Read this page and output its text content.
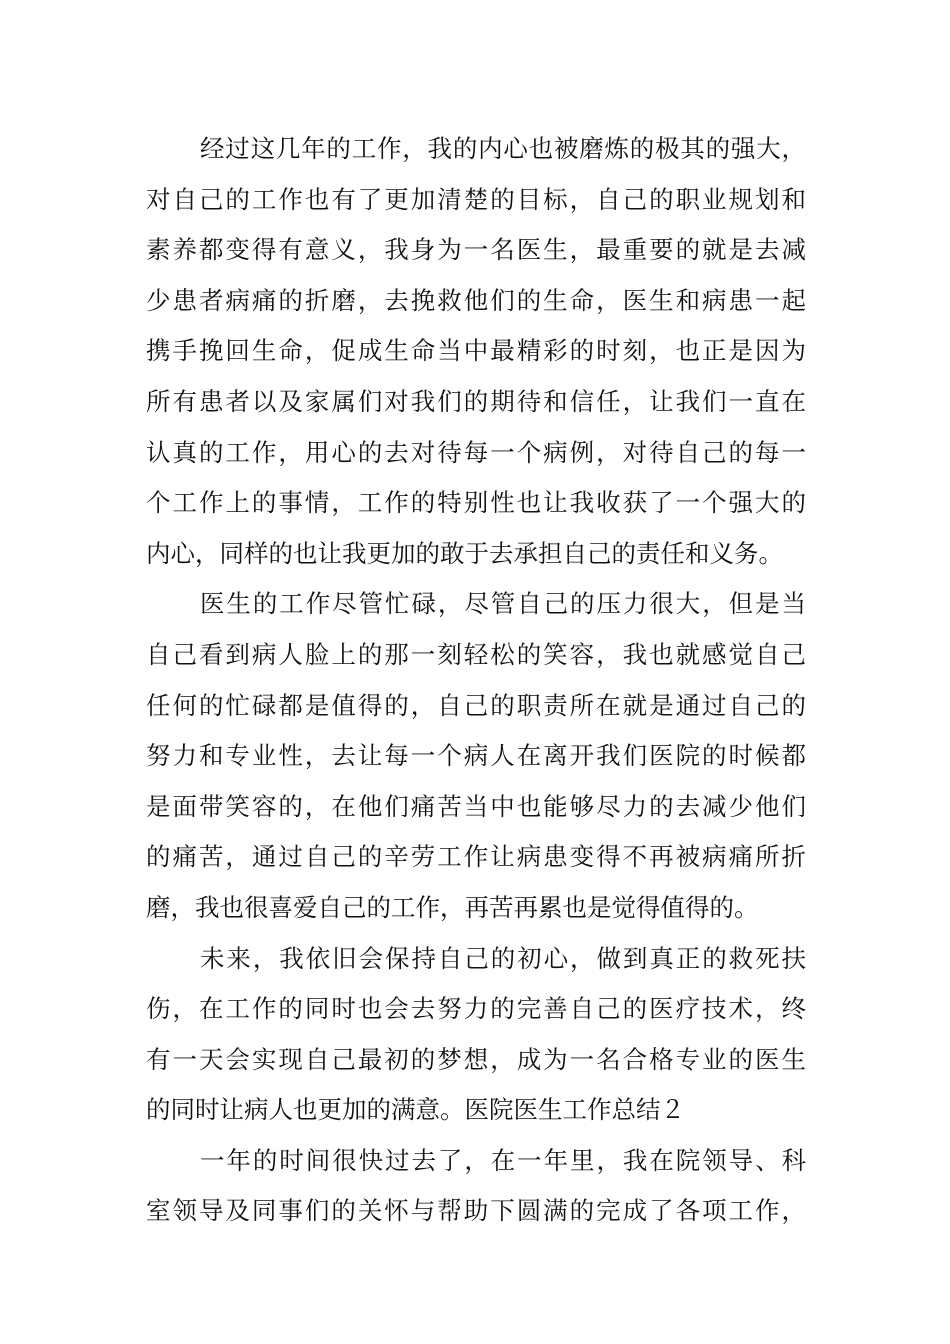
经过这几年的工作，我的内心也被磨炼的极其的强大，
对自己的工作也有了更加清楚的目标，自己的职业规划和
素养都变得有意义，我身为一名医生，最重要的就是去减
少患者病痛的折磨，去挽救他们的生命，医生和病患一起
携手挽回生命，促成生命当中最精彩的时刻，也正是因为
所有患者以及家属们对我们的期待和信任，让我们一直在
认真的工作，用心的去对待每一个病例，对待自己的每一
个工作上的事情，工作的特别性也让我收获了一个强大的
内心，同样的也让我更加的敢于去承担自己的责任和义务。
医生的工作尽管忙碌，尽管自己的压力很大，但是当
自己看到病人脸上的那一刻轻松的笑容，我也就感觉自己
任何的忙碌都是值得的，自己的职责所在就是通过自己的
努力和专业性，去让每一个病人在离开我们医院的时候都
是面带笑容的，在他们痛苦当中也能够尽力的去减少他们
的痛苦，通过自己的辛劳工作让病患变得不再被病痛所折
磨，我也很喜爱自己的工作，再苦再累也是觉得值得的。
未来，我依旧会保持自己的初心，做到真正的救死扶
伤，在工作的同时也会去努力的完善自己的医疗技术，终
有一天会实现自己最初的梦想，成为一名合格专业的医生
的同时让病人也更加的满意。医院医生工作总结２
一年的时间很快过去了，在一年里，我在院领导、科
室领导及同事们的关怀与帮助下圆满的完成了各项工作，
